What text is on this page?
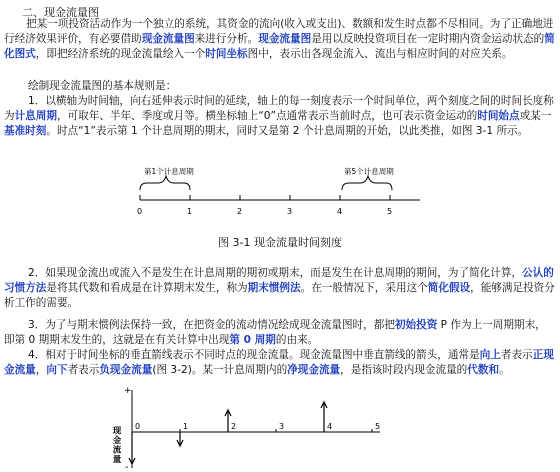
二、现金流量图

把某一项投资活动作为一个独立的系统，其资金的流向(收入或支出)、数额和发生时点都不尽相同。为了正确地进行经济效果评价，有必要借助现金流量图来进行分析。现金流量图是用以反映投资项目在一定时期内资金运动状态的简化图式，即把经济系统的现金流量绘入一个时间坐标图中，表示出各现金流入、流出与相应时间的对应关系。

绘制现金流量图的基本规则是：

1．以横轴为时间轴，向右延伸表示时间的延续，轴上的每一刻度表示一个时间单位，两个刻度之间的时间长度称为计息周期，可取年、半年、季度或月等。横坐标轴上“0”点通常表示当前时点，也可表示资金运动的时间始点或某一基准时刻。时点“1”表示第 1 个计息周期的期末，同时又是第 2 个计息周期的开始，以此类推，如图 3-1 所示。

第1个计息周期	第5个计息周期
0	1	2	3	4	5
图 3-1 现金流量时间刻度

2．如果现金流出或流入不是发生在计息周期的期初或期末，而是发生在计息周期的期间，为了简化计算，公认的习惯方法是将其代数和看成是在计算期末发生，称为期末惯例法。在一般情况下，采用这个简化假设，能够满足投资分析工作的需要。

3．为了与期末惯例法保持一致，在把资金的流动情况绘成现金流量图时，都把初始投资 P 作为上一周期期末，即第 0 期期末发生的，这就是在有关计算中出现第 0 周期的由来。

4．相对于时间坐标的垂直箭线表示不同时点的现金流量。现金流量图中垂直箭线的箭头，通常是向上者表示正现金流量，向下者表示负现金流量(图 3-2)。某一计息周期内的净现金流量，是指该时段内现金流量的代数和。

+
-
现金流量 0	1	2	3	4	5
